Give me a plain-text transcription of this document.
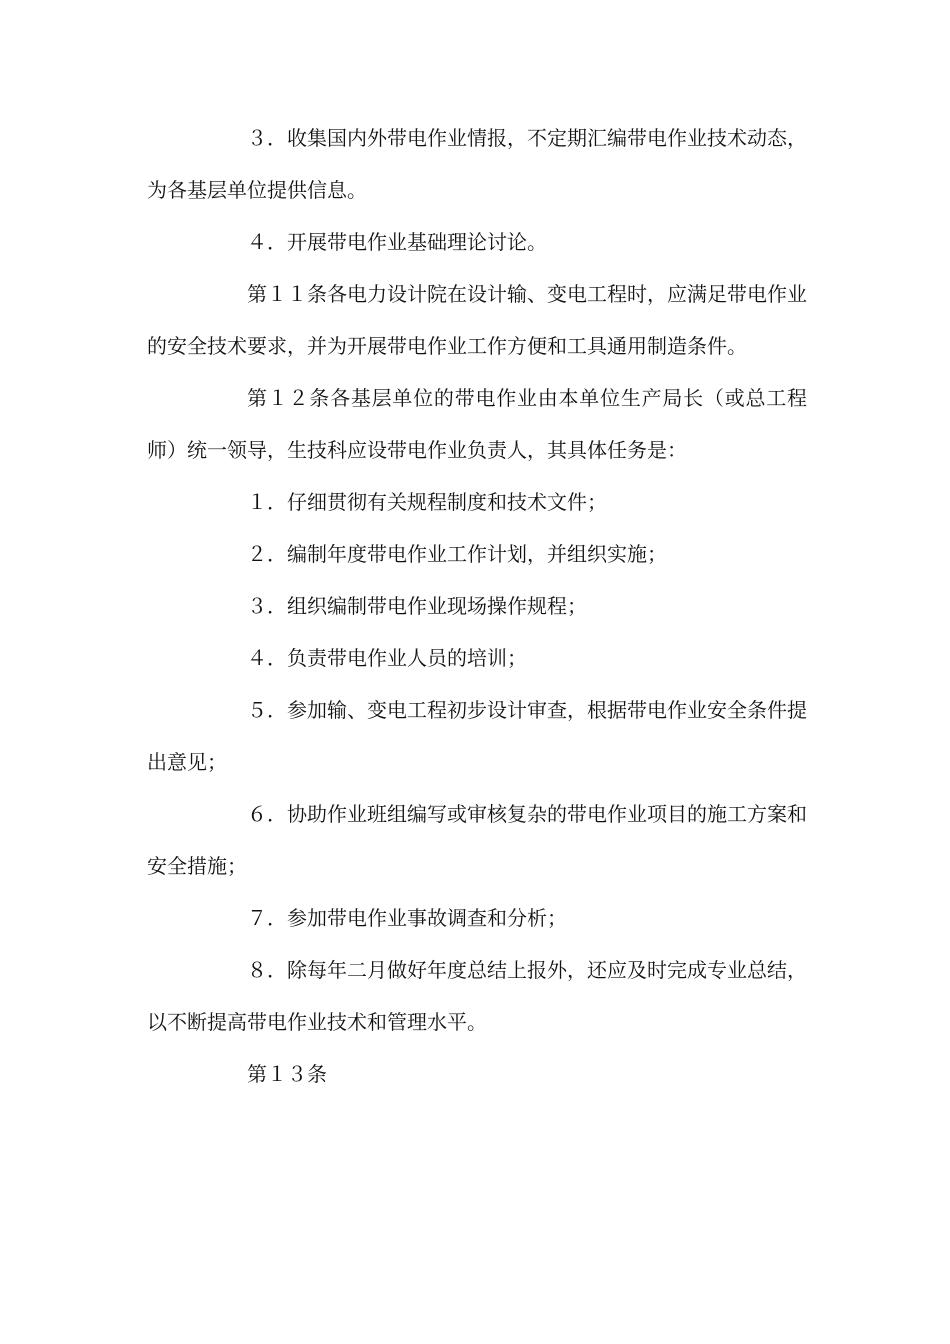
３．收集国内外带电作业情报，不定期汇编带电作业技术动态，为各基层单位提供信息。

４．开展带电作业基础理论讨论。

第１１条各电力设计院在设计输、变电工程时，应满足带电作业的安全技术要求，并为开展带电作业工作方便和工具通用制造条件。

第１２条各基层单位的带电作业由本单位生产局长（或总工程师）统一领导，生技科应设带电作业负责人，其具体任务是：

１．仔细贯彻有关规程制度和技术文件；

２．编制年度带电作业工作计划，并组织实施；

３．组织编制带电作业现场操作规程；

４．负责带电作业人员的培训；

５．参加输、变电工程初步设计审查，根据带电作业安全条件提出意见；

６．协助作业班组编写或审核复杂的带电作业项目的施工方案和安全措施；

７．参加带电作业事故调查和分析；

８．除每年二月做好年度总结上报外，还应及时完成专业总结，以不断提高带电作业技术和管理水平。

第１３条
